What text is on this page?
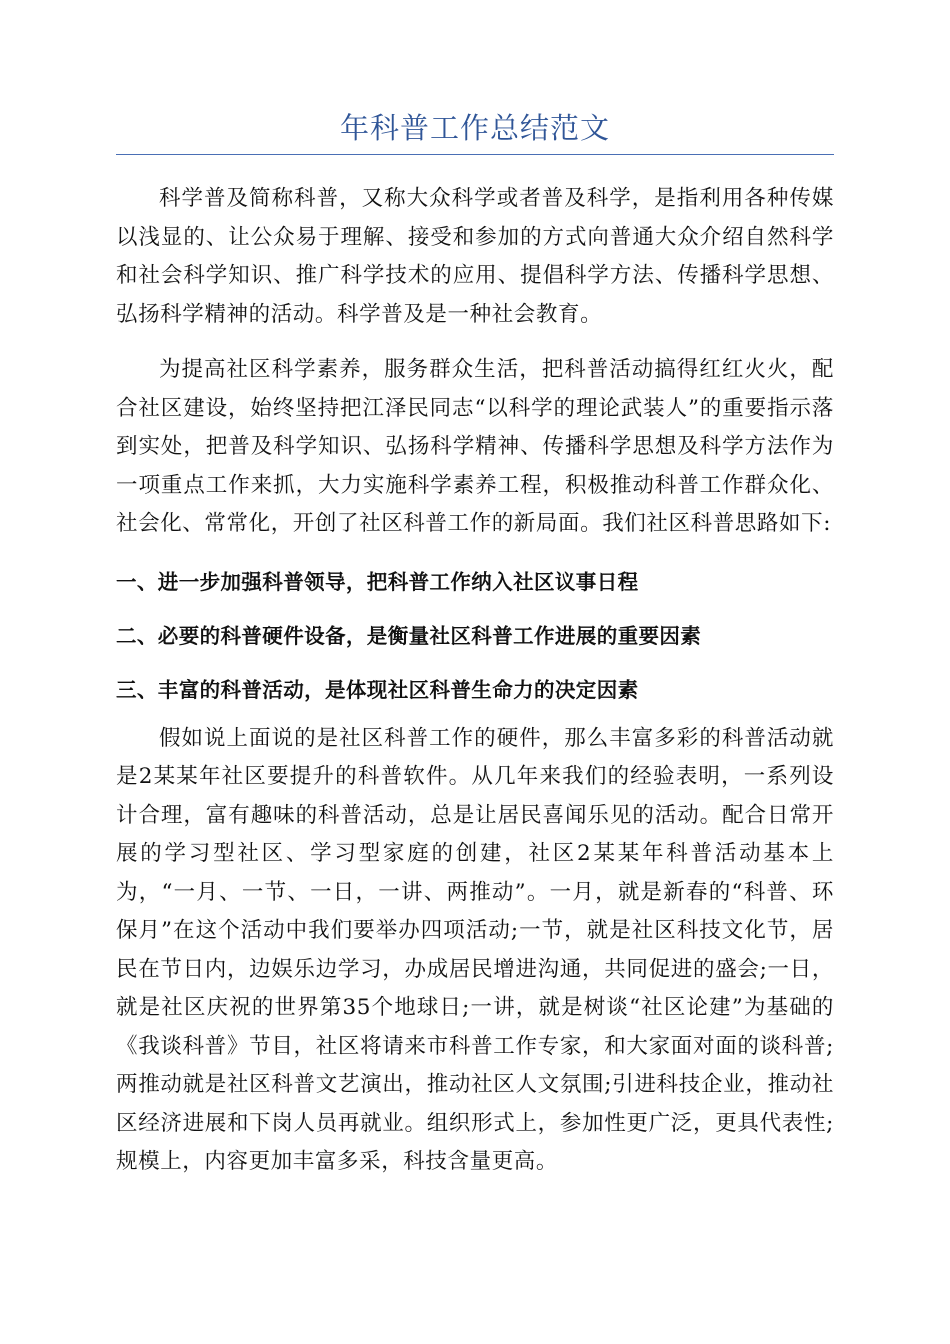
年科普工作总结范文

科学普及简称科普，又称大众科学或者普及科学，是指利用各种传媒以浅显的、让公众易于理解、接受和参加的方式向普通大众介绍自然科学和社会科学知识、推广科学技术的应用、提倡科学方法、传播科学思想、弘扬科学精神的活动。科学普及是一种社会教育。

为提高社区科学素养，服务群众生活，把科普活动搞得红红火火，配合社区建设，始终坚持把江泽民同志“以科学的理论武装人”的重要指示落到实处，把普及科学知识、弘扬科学精神、传播科学思想及科学方法作为一项重点工作来抓，大力实施科学素养工程，积极推动科普工作群众化、社会化、常常化，开创了社区科普工作的新局面。我们社区科普思路如下:

一、进一步加强科普领导，把科普工作纳入社区议事日程

二、必要的科普硬件设备，是衡量社区科普工作进展的重要因素

三、丰富的科普活动，是体现社区科普生命力的决定因素

假如说上面说的是社区科普工作的硬件，那么丰富多彩的科普活动就是2某某年社区要提升的科普软件。从几年来我们的经验表明，一系列设计合理，富有趣味的科普活动，总是让居民喜闻乐见的活动。配合日常开展的学习型社区、学习型家庭的创建，社区2某某年科普活动基本上为，“一月、一节、一日，一讲、两推动”。一月，就是新春的“科普、环保月”在这个活动中我们要举办四项活动;一节，就是社区科技文化节，居民在节日内，边娱乐边学习，办成居民增进沟通，共同促进的盛会;一日，就是社区庆祝的世界第35个地球日;一讲，就是树谈“社区论建”为基础的《我谈科普》节目，社区将请来市科普工作专家，和大家面对面的谈科普;两推动就是社区科普文艺演出，推动社区人文氛围;引进科技企业，推动社区经济进展和下岗人员再就业。组织形式上，参加性更广泛，更具代表性;规模上，内容更加丰富多采，科技含量更高。
